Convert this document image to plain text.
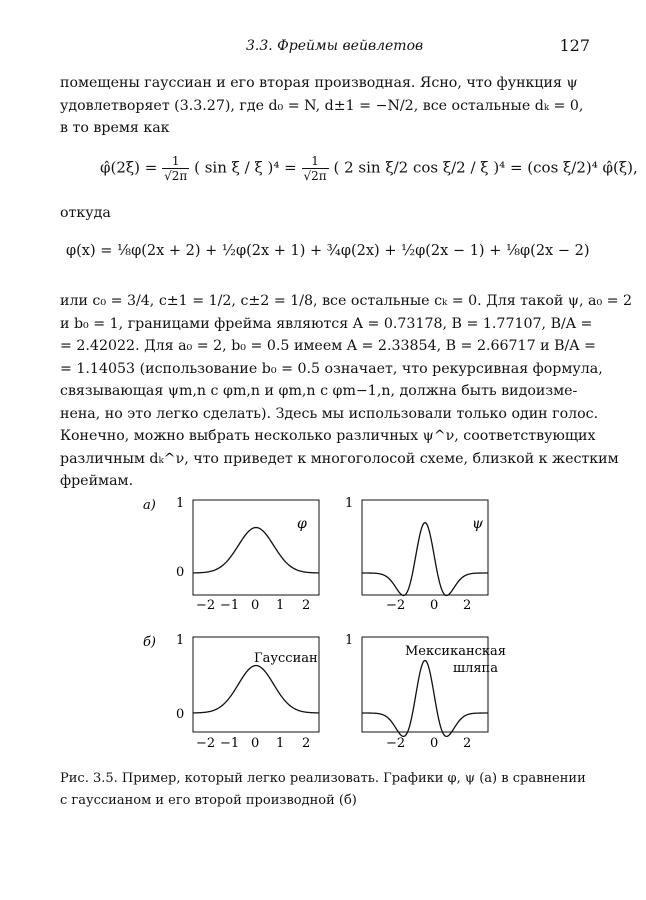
3.3. Фреймы вейвлетов	127
помещены гауссиан и его вторая производная. Ясно, что функция ψ
удовлетворяет (3.3.27), где d₀ = N, d±1 = −N/2, все остальные dₖ = 0,
в то время как
φ̂(2ξ) = $\frac{1}{√2\pi}$ ( sin ξ / ξ )$^4 = \frac{1}{√2\pi}$ ( 2 sin ξ/2 cos ξ/2 / ξ )⁴ = (cos ξ/2)⁴ φ̂(ξ),
откуда
φ(x) = ⅛φ(2x + 2) + ½φ(2x + 1) + ¾φ(2x) + ½φ(2x − 1) + ⅛φ(2x − 2)
или c₀ = 3/4, c±1 = 1/2, c±2 = 1/8, все остальные cₖ = 0. Для такой ψ, a₀ = 2
и b₀ = 1, границами фрейма являются A = 0.73178, B = 1.77107, B/A =
= 2.42022. Для a₀ = 2, b₀ = 0.5 имеем A = 2.33854, B = 2.66717 и B/A =
= 1.14053 (использование b₀ = 0.5 означает, что рекурсивная формула,
связывающая ψm,n с φm,n и φm,n с φm−1,n, должна быть видоизме-
нена, но это легко сделать). Здесь мы использовали только один голос.
Конечно, можно выбрать несколько различных ψ^ν, соответствующих
различным dₖ^ν, что приведет к многоголосой схеме, близкой к жестким
фреймам.
а)
б)
1
0
1
1
0
1
−2 −1 0 1 2	−2 0 2
−2 −1 0 1 2	−2 0 2
φ	ψ
Гауссиан	Мексиканская
шляпа
Рис. 3.5. Пример, который легко реализовать. Графики φ, ψ (а) в сравнении
с гауссианом и его второй производной (б)
